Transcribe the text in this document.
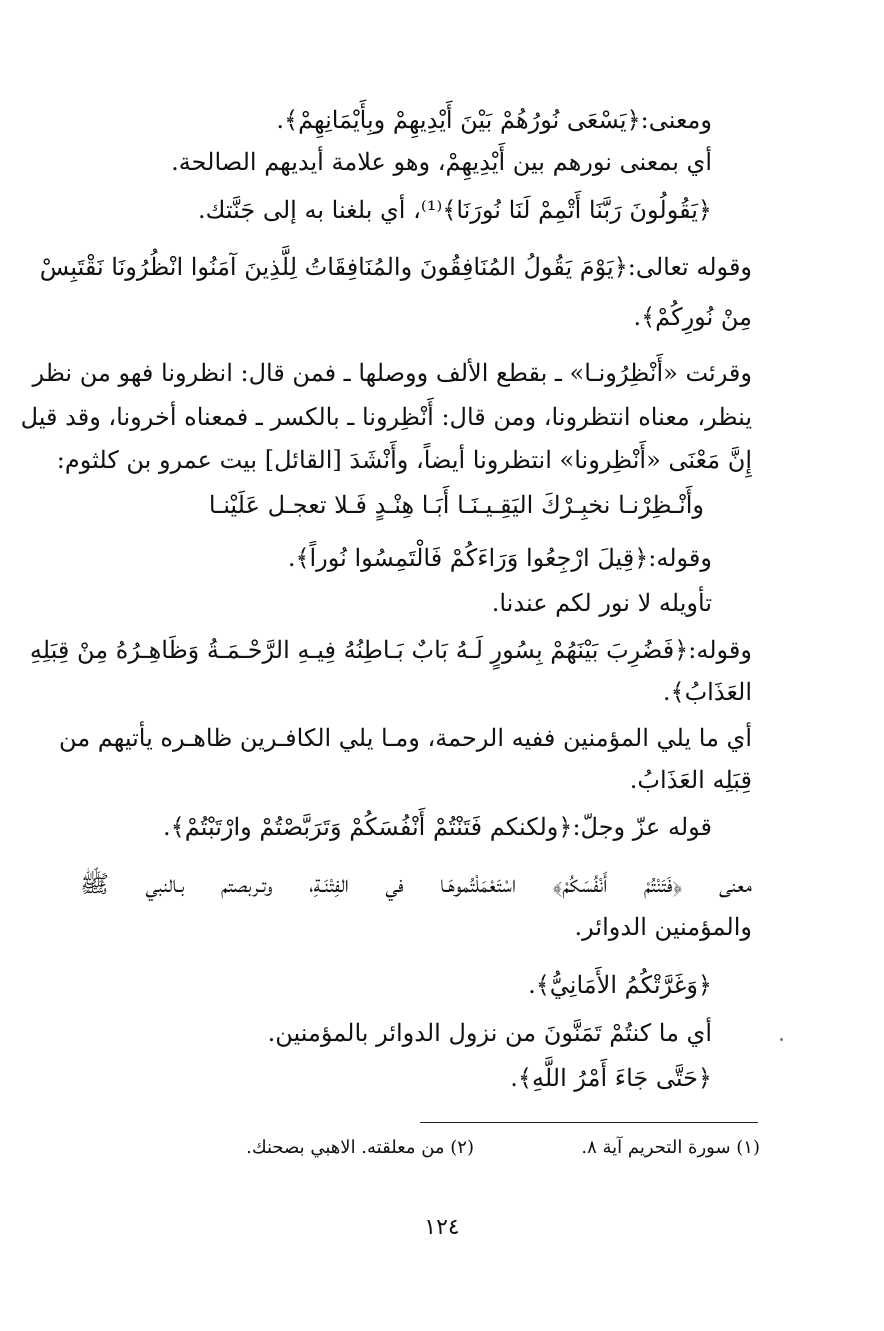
ومعنى:﴿يَسْعَى نُورُهُمْ بَيْنَ أَيْدِيهِمْ وبِأَيْمَانِهِمْ﴾.
أي بمعنى نورهم بين أَيْدِيهِمْ، وهو علامة أيديهم الصالحة.
﴿يَقُولُونَ رَبَّنَا أَتْمِمْ لَنَا نُورَنَا﴾⁽¹⁾، أي بلغنا به إلى جَنَّتك.
وقوله تعالى:﴿يَوْمَ يَقُولُ المُنَافِقُونَ والمُنَافِقَاتُ لِلَّذِينَ آمَنُوا انْظُرُونَا نَقْتَبِسْ
مِنْ نُورِكُمْ﴾.
وقرئت «أَنْظِرُونـا» ـ بقطع الألف ووصلها ـ فمن قال: انظرونا فهو من نظر
ينظر، معناه انتظرونا، ومن قال: أَنْظِرونا ـ بالكسر ـ فمعناه أخرونا، وقد قيل
إِنَّ مَعْنَى «أَنْظِرونا» انتظرونا أيضاً، وأَنْشَدَ [القائل] بيت عمرو بن كلثوم:
أَبَـا هِنْـدٍ فَـلا تعجـل عَلَيْنـا وأَنْـظِرْنـا نخبِـرْكَ اليَقِـيـنَـا
وقوله:﴿قِيلَ ارْجِعُوا وَرَاءَكُمْ فَالْتَمِسُوا نُوراً﴾.
تأويله لا نور لكم عندنا.
وقوله:﴿فَضُرِبَ بَيْنَهُمْ بِسُورٍ لَـهُ بَابٌ بَـاطِنُهُ فِيـهِ الرَّحْـمَـةُ وَظَاهِـرُهُ مِنْ قِبَلِهِ
العَذَابُ﴾.
أي ما يلي المؤمنين ففيه الرحمة، ومـا يلي الكافـرين ظاهـره يأتيهم من
قِبَلِه العَذَابُ.
قوله عزّ وجلّ:﴿ولكنكم فَتَنْتُمْ أَنْفُسَكُمْ وَتَرَبَّصْتُمْ وارْتَبْتُمْ﴾.
معنى ﴿فَتَنْتُمْ أَنْفُسَكُمْ﴾ اسْتَعْمَلْتُموهَـا في الفِتْنَـةِ، وتـربصتم بـالنبي ﷺ
والمؤمنين الدوائر.
﴿وَغَرَّتْكُمُ الأَمَانِيُّ﴾.
أي ما كنتُمْ تَمَنَّونَ من نزول الدوائر بالمؤمنين.
﴿حَتَّى جَاءَ أَمْرُ اللَّهِ﴾.
(١) سورة التحريم آية ٨.
(٢) من معلقته. الاهبي بصحنك.
١٢٤
